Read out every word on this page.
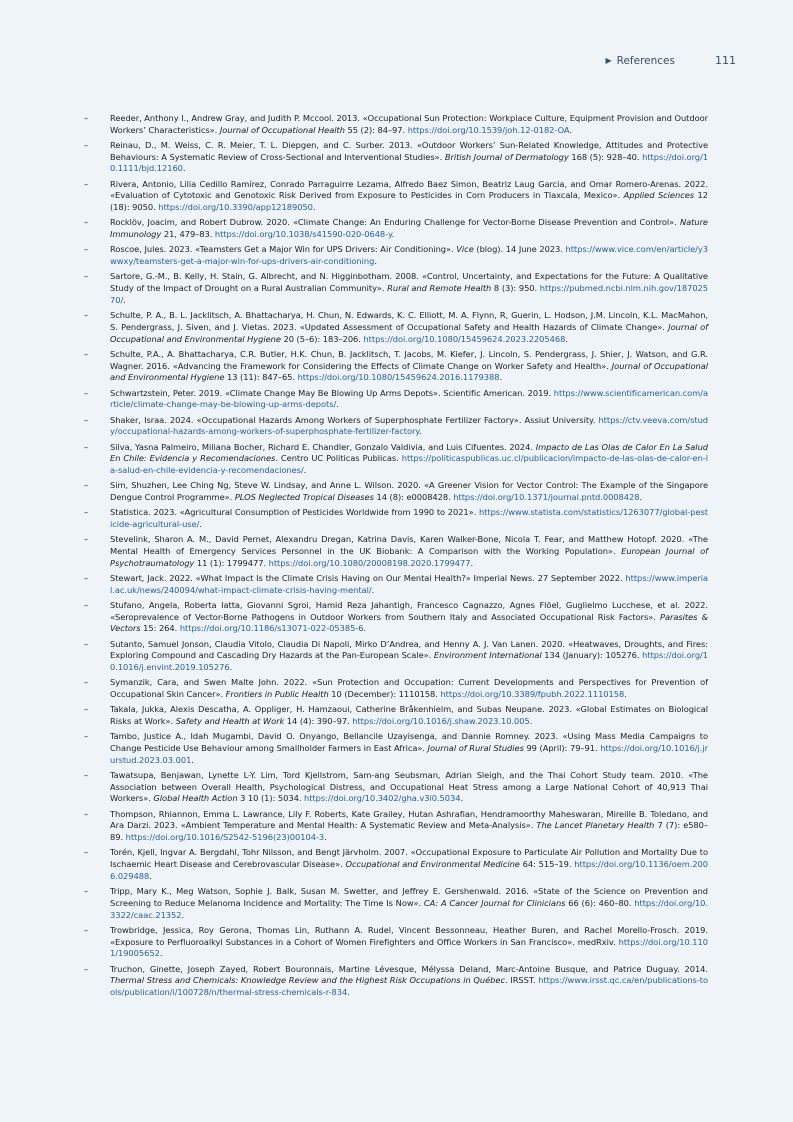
▶ References	111
–	Reeder, Anthony I., Andrew Gray, and Judith P. Mccool. 2013. «Occupational Sun Protection: Workplace Culture, Equipment Provision and Outdoor Workers’ Characteristics». Journal of Occupational Health 55 (2): 84–97. https://doi.org/10.1539/joh.12-0182-OA.
–	Reinau, D., M. Weiss, C. R. Meier, T. L. Diepgen, and C. Surber. 2013. «Outdoor Workers’ Sun-Related Knowledge, Attitudes and Protective Behaviours: A Systematic Review of Cross-Sectional and Interventional Studies». British Journal of Dermatology 168 (5): 928–40. https://doi.org/10.1111/bjd.12160.
–	Rivera, Antonio, Lilia Cedillo Ramírez, Conrado Parraguirre Lezama, Alfredo Baez Simon, Beatriz Laug Garcia, and Omar Romero-Arenas. 2022. «Evaluation of Cytotoxic and Genotoxic Risk Derived from Exposure to Pesticides in Corn Producers in Tlaxcala, Mexico». Applied Sciences 12 (18): 9050. https://doi.org/10.3390/app12189050.
–	Rocklöv, Joacim, and Robert Dubrow. 2020. «Climate Change: An Enduring Challenge for Vector-Borne Disease Prevention and Control». Nature Immunology 21, 479–83. https://doi.org/10.1038/s41590-020-0648-y.
–	Roscoe, Jules. 2023. «Teamsters Get a Major Win for UPS Drivers: Air Conditioning». Vice (blog). 14 June 2023. https://www.vice.com/en/article/y3wwxy/teamsters-get-a-major-win-for-ups-drivers-air-conditioning.
–	Sartore, G.-M., B. Kelly, H. Stain, G. Albrecht, and N. Higginbotham. 2008. «Control, Uncertainty, and Expectations for the Future: A Qualitative Study of the Impact of Drought on a Rural Australian Community». Rural and Remote Health 8 (3): 950. https://pubmed.ncbi.nlm.nih.gov/18702570/.
–	Schulte, P. A., B. L. Jacklitsch, A. Bhattacharya, H. Chun, N. Edwards, K. C. Elliott, M. A. Flynn, R, Guerin, L. Hodson, J.M. Lincoln, K.L. MacMahon, S. Pendergrass, J. Siven, and J. Vietas. 2023. «Updated Assessment of Occupational Safety and Health Hazards of Climate Change». Journal of Occupational and Environmental Hygiene 20 (5–6): 183–206. https://doi.org/10.1080/15459624.2023.2205468.
–	Schulte, P.A., A. Bhattacharya, C.R. Butler, H.K. Chun, B. Jacklitsch, T. Jacobs, M. Kiefer, J. Lincoln, S. Pendergrass, J. Shier, J. Watson, and G.R. Wagner. 2016. «Advancing the Framework for Considering the Effects of Climate Change on Worker Safety and Health». Journal of Occupational and Environmental Hygiene 13 (11): 847–65. https://doi.org/10.1080/15459624.2016.1179388.
–	Schwartzstein, Peter. 2019. «Climate Change May Be Blowing Up Arms Depots». Scientific American. 2019. https://www.scientificamerican.com/article/climate-change-may-be-blowing-up-arms-depots/.
–	Shaker, Israa. 2024. «Occupational Hazards Among Workers of Superphosphate Fertilizer Factory». Assiut University. https://ctv.veeva.com/study/occupational-hazards-among-workers-of-superphosphate-fertilizer-factory.
–	Silva, Yasna Palmeiro, Miliana Bocher, Richard E. Chandler, Gonzalo Valdivia, and Luis Cifuentes. 2024. Impacto de Las Olas de Calor En La Salud En Chile: Evidencia y Recomendaciones. Centro UC Politicas Publicas. https://politicaspublicas.uc.cl/publicacion/impacto-de-las-olas-de-calor-en-la-salud-en-chile-evidencia-y-recomendaciones/.
–	Sim, Shuzhen, Lee Ching Ng, Steve W. Lindsay, and Anne L. Wilson. 2020. «A Greener Vision for Vector Control: The Example of the Singapore Dengue Control Programme». PLOS Neglected Tropical Diseases 14 (8): e0008428. https://doi.org/10.1371/journal.pntd.0008428.
–	Statistica. 2023. «Agricultural Consumption of Pesticides Worldwide from 1990 to 2021». https://www.statista.com/statistics/1263077/global-pesticide-agricultural-use/.
–	Stevelink, Sharon A. M., David Pernet, Alexandru Dregan, Katrina Davis, Karen Walker-Bone, Nicola T. Fear, and Matthew Hotopf. 2020. «The Mental Health of Emergency Services Personnel in the UK Biobank: A Comparison with the Working Population». European Journal of Psychotraumatology 11 (1): 1799477. https://doi.org/10.1080/20008198.2020.1799477.
–	Stewart, Jack. 2022. «What Impact Is the Climate Crisis Having on Our Mental Health?» Imperial News. 27 September 2022. https://www.imperial.ac.uk/news/240094/what-impact-climate-crisis-having-mental/.
–	Stufano, Angela, Roberta Iatta, Giovanni Sgroi, Hamid Reza Jahantigh, Francesco Cagnazzo, Agnes Flöel, Guglielmo Lucchese, et al. 2022. «Seroprevalence of Vector-Borne Pathogens in Outdoor Workers from Southern Italy and Associated Occupational Risk Factors». Parasites & Vectors 15: 264. https://doi.org/10.1186/s13071-022-05385-6.
–	Sutanto, Samuel Jonson, Claudia Vitolo, Claudia Di Napoli, Mirko D’Andrea, and Henny A. J. Van Lanen. 2020. «Heatwaves, Droughts, and Fires: Exploring Compound and Cascading Dry Hazards at the Pan-European Scale». Environment International 134 (January): 105276. https://doi.org/10.1016/j.envint.2019.105276.
–	Symanzik, Cara, and Swen Malte John. 2022. «Sun Protection and Occupation: Current Developments and Perspectives for Prevention of Occupational Skin Cancer». Frontiers in Public Health 10 (December): 1110158. https://doi.org/10.3389/fpubh.2022.1110158.
–	Takala, Jukka, Alexis Descatha, A. Oppliger, H. Hamzaoui, Catherine Bråkenhielm, and Subas Neupane. 2023. «Global Estimates on Biological Risks at Work». Safety and Health at Work 14 (4): 390–97. https://doi.org/10.1016/j.shaw.2023.10.005.
–	Tambo, Justice A., Idah Mugambi, David O. Onyango, Bellancile Uzayisenga, and Dannie Romney. 2023. «Using Mass Media Campaigns to Change Pesticide Use Behaviour among Smallholder Farmers in East Africa». Journal of Rural Studies 99 (April): 79–91. https://doi.org/10.1016/j.jrurstud.2023.03.001.
–	Tawatsupa, Benjawan, Lynette L-Y. Lim, Tord Kjellstrom, Sam-ang Seubsman, Adrian Sleigh, and the Thai Cohort Study team. 2010. «The Association between Overall Health, Psychological Distress, and Occupational Heat Stress among a Large National Cohort of 40,913 Thai Workers». Global Health Action 3 10 (1): 5034. https://doi.org/10.3402/gha.v3i0.5034.
–	Thompson, Rhiannon, Emma L. Lawrance, Lily F. Roberts, Kate Grailey, Hutan Ashrafian, Hendramoorthy Maheswaran, Mireille B. Toledano, and Ara Darzi. 2023. «Ambient Temperature and Mental Health: A Systematic Review and Meta-Analysis». The Lancet Planetary Health 7 (7): e580–89. https://doi.org/10.1016/S2542-5196(23)00104-3.
–	Torén, Kjell, Ingvar A. Bergdahl, Tohr Nilsson, and Bengt Järvholm. 2007. «Occupational Exposure to Particulate Air Pollution and Mortality Due to Ischaemic Heart Disease and Cerebrovascular Disease». Occupational and Environmental Medicine 64: 515–19. https://doi.org/10.1136/oem.2006.029488.
–	Tripp, Mary K., Meg Watson, Sophie J. Balk, Susan M. Swetter, and Jeffrey E. Gershenwald. 2016. «State of the Science on Prevention and Screening to Reduce Melanoma Incidence and Mortality: The Time Is Now». CA: A Cancer Journal for Clinicians 66 (6): 460–80. https://doi.org/10.3322/caac.21352.
–	Trowbridge, Jessica, Roy Gerona, Thomas Lin, Ruthann A. Rudel, Vincent Bessonneau, Heather Buren, and Rachel Morello-Frosch. 2019. «Exposure to Perfluoroalkyl Substances in a Cohort of Women Firefighters and Office Workers in San Francisco». medRxiv. https://doi.org/10.1101/19005652.
–	Truchon, Ginette, Joseph Zayed, Robert Bouronnais, Martine Lévesque, Mélyssa Deland, Marc-Antoine Busque, and Patrice Duguay. 2014. Thermal Stress and Chemicals: Knowledge Review and the Highest Risk Occupations in Québec. IRSST. https://www.irsst.qc.ca/en/publications-tools/publication/i/100728/n/thermal-stress-chemicals-r-834.
